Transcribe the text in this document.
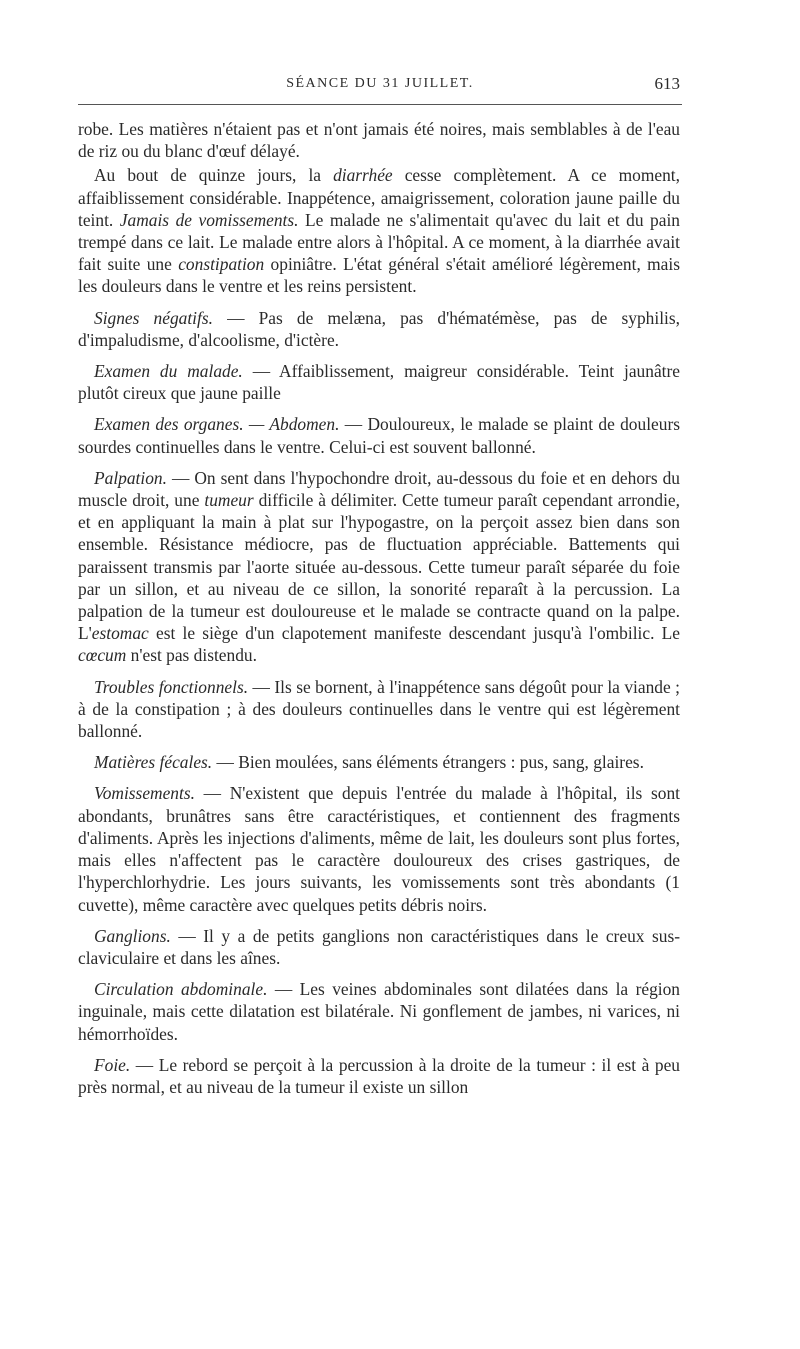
SÉANCE DU 31 JUILLET.	613

robe. Les matières n'étaient pas et n'ont jamais été noires, mais semblables à de l'eau de riz ou du blanc d'œuf délayé.

Au bout de quinze jours, la diarrhée cesse complètement. A ce moment, affaiblissement considérable. Inappétence, amaigrissement, coloration jaune paille du teint. Jamais de vomissements. Le malade ne s'alimentait qu'avec du lait et du pain trempé dans ce lait. Le malade entre alors à l'hôpital. A ce moment, à la diarrhée avait fait suite une constipation opiniâtre. L'état général s'était amélioré légèrement, mais les douleurs dans le ventre et les reins persistent.

Signes négatifs. — Pas de melæna, pas d'hématémèse, pas de syphilis, d'impaludisme, d'alcoolisme, d'ictère.

Examen du malade. — Affaiblissement, maigreur considérable. Teint jaunâtre plutôt cireux que jaune paille

Examen des organes. — Abdomen. — Douloureux, le malade se plaint de douleurs sourdes continuelles dans le ventre. Celui-ci est souvent ballonné.

Palpation. — On sent dans l'hypochondre droit, au-dessous du foie et en dehors du muscle droit, une tumeur difficile à délimiter. Cette tumeur paraît cependant arrondie, et en appliquant la main à plat sur l'hypogastre, on la perçoit assez bien dans son ensemble. Résistance médiocre, pas de fluctuation appréciable. Battements qui paraissent transmis par l'aorte située au-dessous. Cette tumeur paraît séparée du foie par un sillon, et au niveau de ce sillon, la sonorité reparaît à la percussion. La palpation de la tumeur est douloureuse et le malade se contracte quand on la palpe. L'estomac est le siège d'un clapotement manifeste descendant jusqu'à l'ombilic. Le cœcum n'est pas distendu.

Troubles fonctionnels. — Ils se bornent, à l'inappétence sans dégoût pour la viande ; à de la constipation ; à des douleurs continuelles dans le ventre qui est légèrement ballonné.

Matières fécales. — Bien moulées, sans éléments étrangers : pus, sang, glaires.

Vomissements. — N'existent que depuis l'entrée du malade à l'hôpital, ils sont abondants, brunâtres sans être caractéristiques, et contiennent des fragments d'aliments. Après les injections d'aliments, même de lait, les douleurs sont plus fortes, mais elles n'affectent pas le caractère douloureux des crises gastriques, de l'hyperchlorhydrie. Les jours suivants, les vomissements sont très abondants (1 cuvette), même caractère avec quelques petits débris noirs.

Ganglions. — Il y a de petits ganglions non caractéristiques dans le creux sus-claviculaire et dans les aînes.

Circulation abdominale. — Les veines abdominales sont dilatées dans la région inguinale, mais cette dilatation est bilatérale. Ni gonflement de jambes, ni varices, ni hémorrhoïdes.

Foie. — Le rebord se perçoit à la percussion à la droite de la tumeur : il est à peu près normal, et au niveau de la tumeur il existe un sillon
